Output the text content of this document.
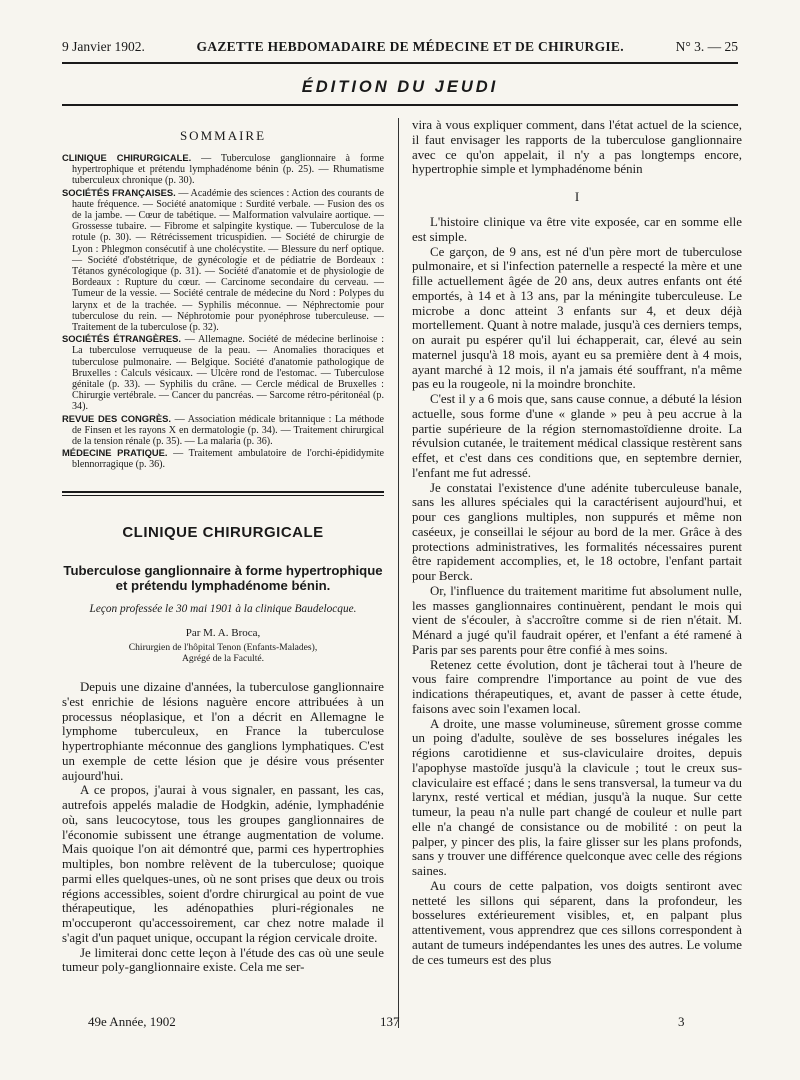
9 Janvier 1902.	GAZETTE HEBDOMADAIRE DE MÉDECINE ET DE CHIRURGIE.	N° 3. — 25
ÉDITION DU JEUDI
SOMMAIRE
CLINIQUE CHIRURGICALE. — Tuberculose ganglionnaire à forme hypertrophique et prétendu lymphadénome bénin (p. 25). — Rhumatisme tuberculeux chronique (p. 30).
SOCIÉTÉS FRANÇAISES. — Académie des sciences : Action des courants de haute fréquence. — Société anatomique : Surdité verbale. — Fusion des os de la jambe. — Cœur de tabétique. — Malformation valvulaire aortique. — Grossesse tubaire. — Fibrome et salpingite kystique. — Tuberculose de la rotule (p. 30). — Rétrécissement tricuspidien. — Société de chirurgie de Lyon : Phlegmon consécutif à une cholécystite. — Blessure du nerf optique. — Société d'obstétrique, de gynécologie et de pédiatrie de Bordeaux : Tétanos gynécologique (p. 31). — Société d'anatomie et de physiologie de Bordeaux : Rupture du cœur. — Carcinome secondaire du cerveau. — Tumeur de la vessie. — Société centrale de médecine du Nord : Polypes du larynx et de la trachée. — Syphilis méconnue. — Néphrectomie pour tuberculose du rein. — Néphrotomie pour pyonéphrose tuberculeuse. — Traitement de la tuberculose (p. 32).
SOCIÉTÉS ÉTRANGÈRES. — Allemagne. Société de médecine berlinoise : La tuberculose verruqueuse de la peau. — Anomalies thoraciques et tuberculose pulmonaire. — Belgique. Société d'anatomie pathologique de Bruxelles : Calculs vésicaux. — Ulcère rond de l'estomac. — Tuberculose génitale (p. 33). — Syphilis du crâne. — Cercle médical de Bruxelles : Chirurgie vertébrale. — Cancer du pancréas. — Sarcome rétro-péritonéal (p. 34).
REVUE DES CONGRÈS. — Association médicale britannique : La méthode de Finsen et les rayons X en dermatologie (p. 34). — Traitement chirurgical de la tension rénale (p. 35). — La malaria (p. 36).
MÉDECINE PRATIQUE. — Traitement ambulatoire de l'orchi-épididymite blennorragique (p. 36).
CLINIQUE CHIRURGICALE
Tuberculose ganglionnaire à forme hypertrophique et prétendu lymphadénome bénin.
Leçon professée le 30 mai 1901 à la clinique Baudelocque.
Par M. A. Broca,
Chirurgien de l'hôpital Tenon (Enfants-Malades),
Agrégé de la Faculté.

Depuis une dizaine d'années, la tuberculose ganglionnaire s'est enrichie de lésions naguère encore attribuées à un processus néoplasique, et l'on a décrit en Allemagne le lymphome tuberculeux, en France la tuberculose hypertrophiante méconnue des ganglions lymphatiques. C'est un exemple de cette lésion que je désire vous présenter aujourd'hui.

A ce propos, j'aurai à vous signaler, en passant, les cas, autrefois appelés maladie de Hodgkin, adénie, lymphadénie où, sans leucocytose, tous les groupes ganglionnaires de l'économie subissent une étrange augmentation de volume. Mais quoique l'on ait démontré que, parmi ces hypertrophies multiples, bon nombre relèvent de la tuberculose; quoique parmi elles quelques-unes, où ne sont prises que deux ou trois régions accessibles, soient d'ordre chirurgical au point de vue thérapeutique, les adénopathies pluri-régionales ne m'occuperont qu'accessoirement, car chez notre malade il s'agit d'un paquet unique, occupant la région cervicale droite.

Je limiterai donc cette leçon à l'étude des cas où une seule tumeur poly-ganglionnaire existe. Cela me ser-

vira à vous expliquer comment, dans l'état actuel de la science, il faut envisager les rapports de la tuberculose ganglionnaire avec ce qu'on appelait, il n'y a pas longtemps encore, hypertrophie simple et lymphadénome bénin

I

L'histoire clinique va être vite exposée, car en somme elle est simple.

Ce garçon, de 9 ans, est né d'un père mort de tuberculose pulmonaire, et si l'infection paternelle a respecté la mère et une fille actuellement âgée de 20 ans, deux autres enfants ont été emportés, à 14 et à 13 ans, par la méningite tuberculeuse. Le microbe a donc atteint 3 enfants sur 4, et deux déjà mortellement. Quant à notre malade, jusqu'à ces derniers temps, on aurait pu espérer qu'il lui échapperait, car, élevé au sein maternel jusqu'à 18 mois, ayant eu sa première dent à 4 mois, ayant marché à 12 mois, il n'a jamais été souffrant, n'a même pas eu la rougeole, ni la moindre bronchite.

C'est il y a 6 mois que, sans cause connue, a débuté la lésion actuelle, sous forme d'une « glande » peu à peu accrue à la partie supérieure de la région sternomastoïdienne droite. La révulsion cutanée, le traitement médical classique restèrent sans effet, et c'est dans ces conditions que, en septembre dernier, l'enfant me fut adressé.

Je constatai l'existence d'une adénite tuberculeuse banale, sans les allures spéciales qui la caractérisent aujourd'hui, et pour ces ganglions multiples, non suppurés et même non caséeux, je conseillai le séjour au bord de la mer. Grâce à des protections administratives, les formalités nécessaires purent être rapidement accomplies, et, le 18 octobre, l'enfant partait pour Berck.

Or, l'influence du traitement maritime fut absolument nulle, les masses ganglionnaires continuèrent, pendant le mois qui vient de s'écouler, à s'accroître comme si de rien n'était. M. Ménard a jugé qu'il faudrait opérer, et l'enfant a été ramené à Paris par ses parents pour être confié à mes soins.

Retenez cette évolution, dont je tâcherai tout à l'heure de vous faire comprendre l'importance au point de vue des indications thérapeutiques, et, avant de passer à cette étude, faisons avec soin l'examen local.

A droite, une masse volumineuse, sûrement grosse comme un poing d'adulte, soulève de ses bosselures inégales les régions carotidienne et sus-claviculaire droites, depuis l'apophyse mastoïde jusqu'à la clavicule ; tout le creux sus-claviculaire est effacé ; dans le sens transversal, la tumeur va du larynx, resté vertical et médian, jusqu'à la nuque. Sur cette tumeur, la peau n'a nulle part changé de couleur et nulle part elle n'a changé de consistance ou de mobilité : on peut la palper, y pincer des plis, la faire glisser sur les plans profonds, sans y trouver une différence quelconque avec celle des régions saines.

Au cours de cette palpation, vos doigts sentiront avec netteté les sillons qui séparent, dans la profondeur, les bosselures extérieurement visibles, et, en palpant plus attentivement, vous apprendrez que ces sillons correspondent à autant de tumeurs indépendantes les unes des autres. Le volume de ces tumeurs est des plus

49e Année, 1902	137	3
